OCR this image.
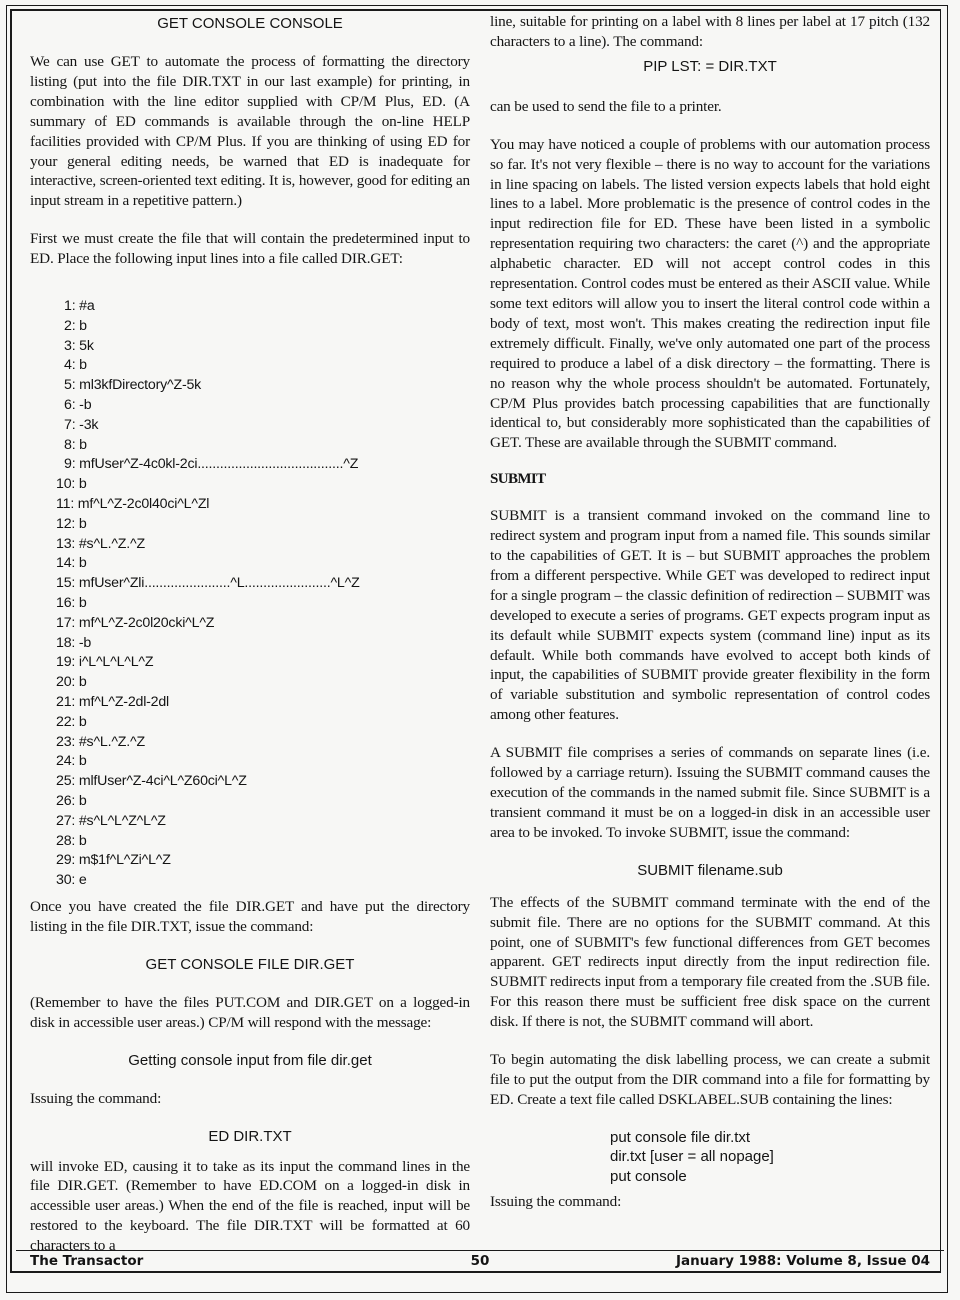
GET CONSOLE CONSOLE

We can use GET to automate the process of formatting the directory listing (put into the file DIR.TXT in our last example) for printing, in combination with the line editor supplied with CP/M Plus, ED. (A summary of ED commands is available through the on-line HELP facilities provided with CP/M Plus. If you are thinking of using ED for your general editing needs, be warned that ED is inadequate for interactive, screen-oriented text editing. It is, however, good for editing an input stream in a repetitive pattern.)

First we must create the file that will contain the predetermined input to ED. Place the following input lines into a file called DIR.GET:

1: #a
2: b
3: 5k
4: b
5: ml3kfDirectory^Z-5k
6: -b
7: -3k
8: b
9: mfUser^Z-4c0kl-2ci.......................................^Z
10: b
11: mf^L^Z-2c0l40ci^L^Zl
12: b
13: #s^L.^Z.^Z
14: b
15: mfUser^Zli.......................^L.......................^L^Z
16: b
17: mf^L^Z-2c0l20cki^L^Z
18: -b
19: i^L^L^L^L^Z
20: b
21: mf^L^Z-2dl-2dl
22: b
23: #s^L.^Z.^Z
24: b
25: mlfUser^Z-4ci^L^Z60ci^L^Z
26: b
27: #s^L^L^Z^L^Z
28: b
29: m$1f^L^Zi^L^Z
30: e

Once you have created the file DIR.GET and have put the directory listing in the file DIR.TXT, issue the command:

GET CONSOLE FILE DIR.GET

(Remember to have the files PUT.COM and DIR.GET on a logged-in disk in accessible user areas.) CP/M will respond with the message:

Getting console input from file dir.get

Issuing the command:

ED DIR.TXT

will invoke ED, causing it to take as its input the command lines in the file DIR.GET. (Remember to have ED.COM on a logged-in disk in accessible user areas.) When the end of the file is reached, input will be restored to the keyboard. The file DIR.TXT will be formatted at 60 characters to a

line, suitable for printing on a label with 8 lines per label at 17 pitch (132 characters to a line). The command:

PIP LST: = DIR.TXT

can be used to send the file to a printer.

You may have noticed a couple of problems with our automation process so far. It's not very flexible – there is no way to account for the variations in line spacing on labels. The listed version expects labels that hold eight lines to a label. More problematic is the presence of control codes in the input redirection file for ED. These have been listed in a symbolic representation requiring two characters: the caret (^) and the appropriate alphabetic character. ED will not accept control codes in this representation. Control codes must be entered as their ASCII value. While some text editors will allow you to insert the literal control code within a body of text, most won't. This makes creating the redirection input file extremely difficult. Finally, we've only automated one part of the process required to produce a label of a disk directory – the formatting. There is no reason why the whole process shouldn't be automated. Fortunately, CP/M Plus provides batch processing capabilities that are functionally identical to, but considerably more sophisticated than the capabilities of GET. These are available through the SUBMIT command.

SUBMIT

SUBMIT is a transient command invoked on the command line to redirect system and program input from a named file. This sounds similar to the capabilities of GET. It is – but SUBMIT approaches the problem from a different perspective. While GET was developed to redirect input for a single program – the classic definition of redirection – SUBMIT was developed to execute a series of programs. GET expects program input as its default while SUBMIT expects system (command line) input as its default. While both commands have evolved to accept both kinds of input, the capabilities of SUBMIT provide greater flexibility in the form of variable substitution and symbolic representation of control codes among other features.

A SUBMIT file comprises a series of commands on separate lines (i.e. followed by a carriage return). Issuing the SUBMIT command causes the execution of the commands in the named submit file. Since SUBMIT is a transient command it must be on a logged-in disk in an accessible user area to be invoked. To invoke SUBMIT, issue the command:

SUBMIT filename.sub

The effects of the SUBMIT command terminate with the end of the submit file. There are no options for the SUBMIT command. At this point, one of SUBMIT's few functional differences from GET becomes apparent. GET redirects input directly from the input redirection file. SUBMIT redirects input from a temporary file created from the .SUB file. For this reason there must be sufficient free disk space on the current disk. If there is not, the SUBMIT command will abort.

To begin automating the disk labelling process, we can create a submit file to put the output from the DIR command into a file for formatting by ED. Create a text file called DSKLABEL.SUB containing the lines:

put console file dir.txt
dir.txt [user = all nopage]
put console

Issuing the command:

50
The Transactor	January 1988: Volume 8, Issue 04
